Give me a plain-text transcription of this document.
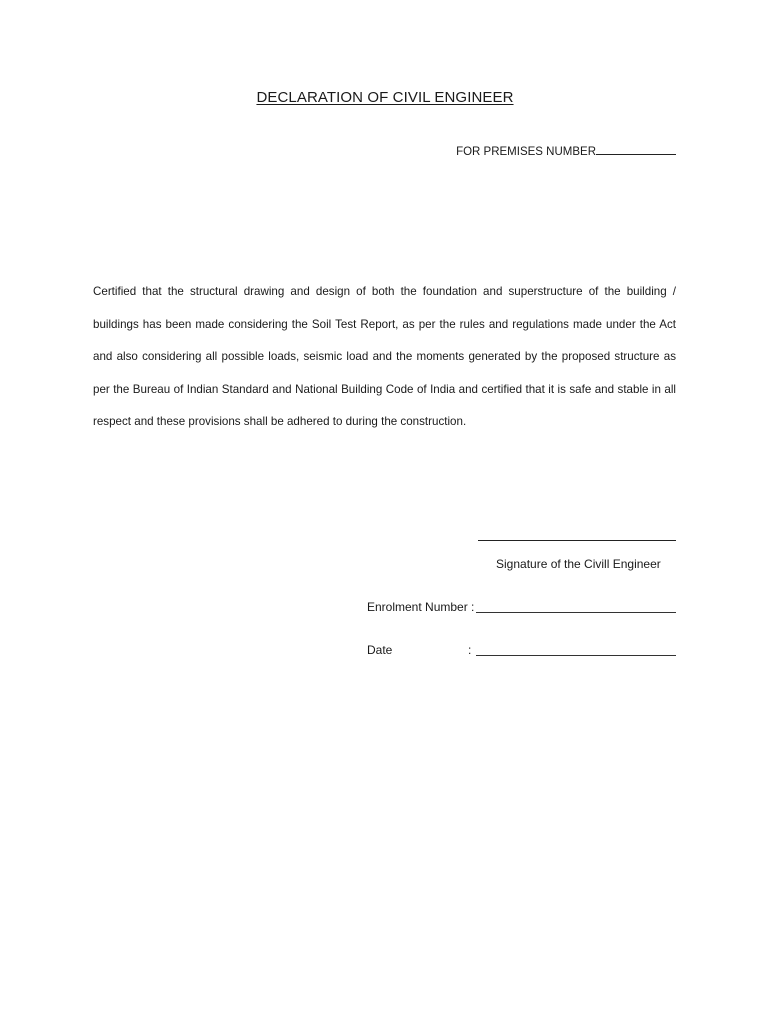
DECLARATION OF CIVIL ENGINEER
FOR PREMISES NUMBER

Certified that the structural drawing and design of both the foundation and superstructure of the building / buildings has been made considering the Soil Test Report, as per the rules and regulations made under the Act and also considering all possible loads, seismic load and the moments generated by the proposed structure as per the Bureau of Indian Standard and National Building Code of India and certified that it is safe and stable in all respect and these provisions shall be adhered to during the construction.

Signature of the Civill Engineer
Enrolment Number :
Date	:
